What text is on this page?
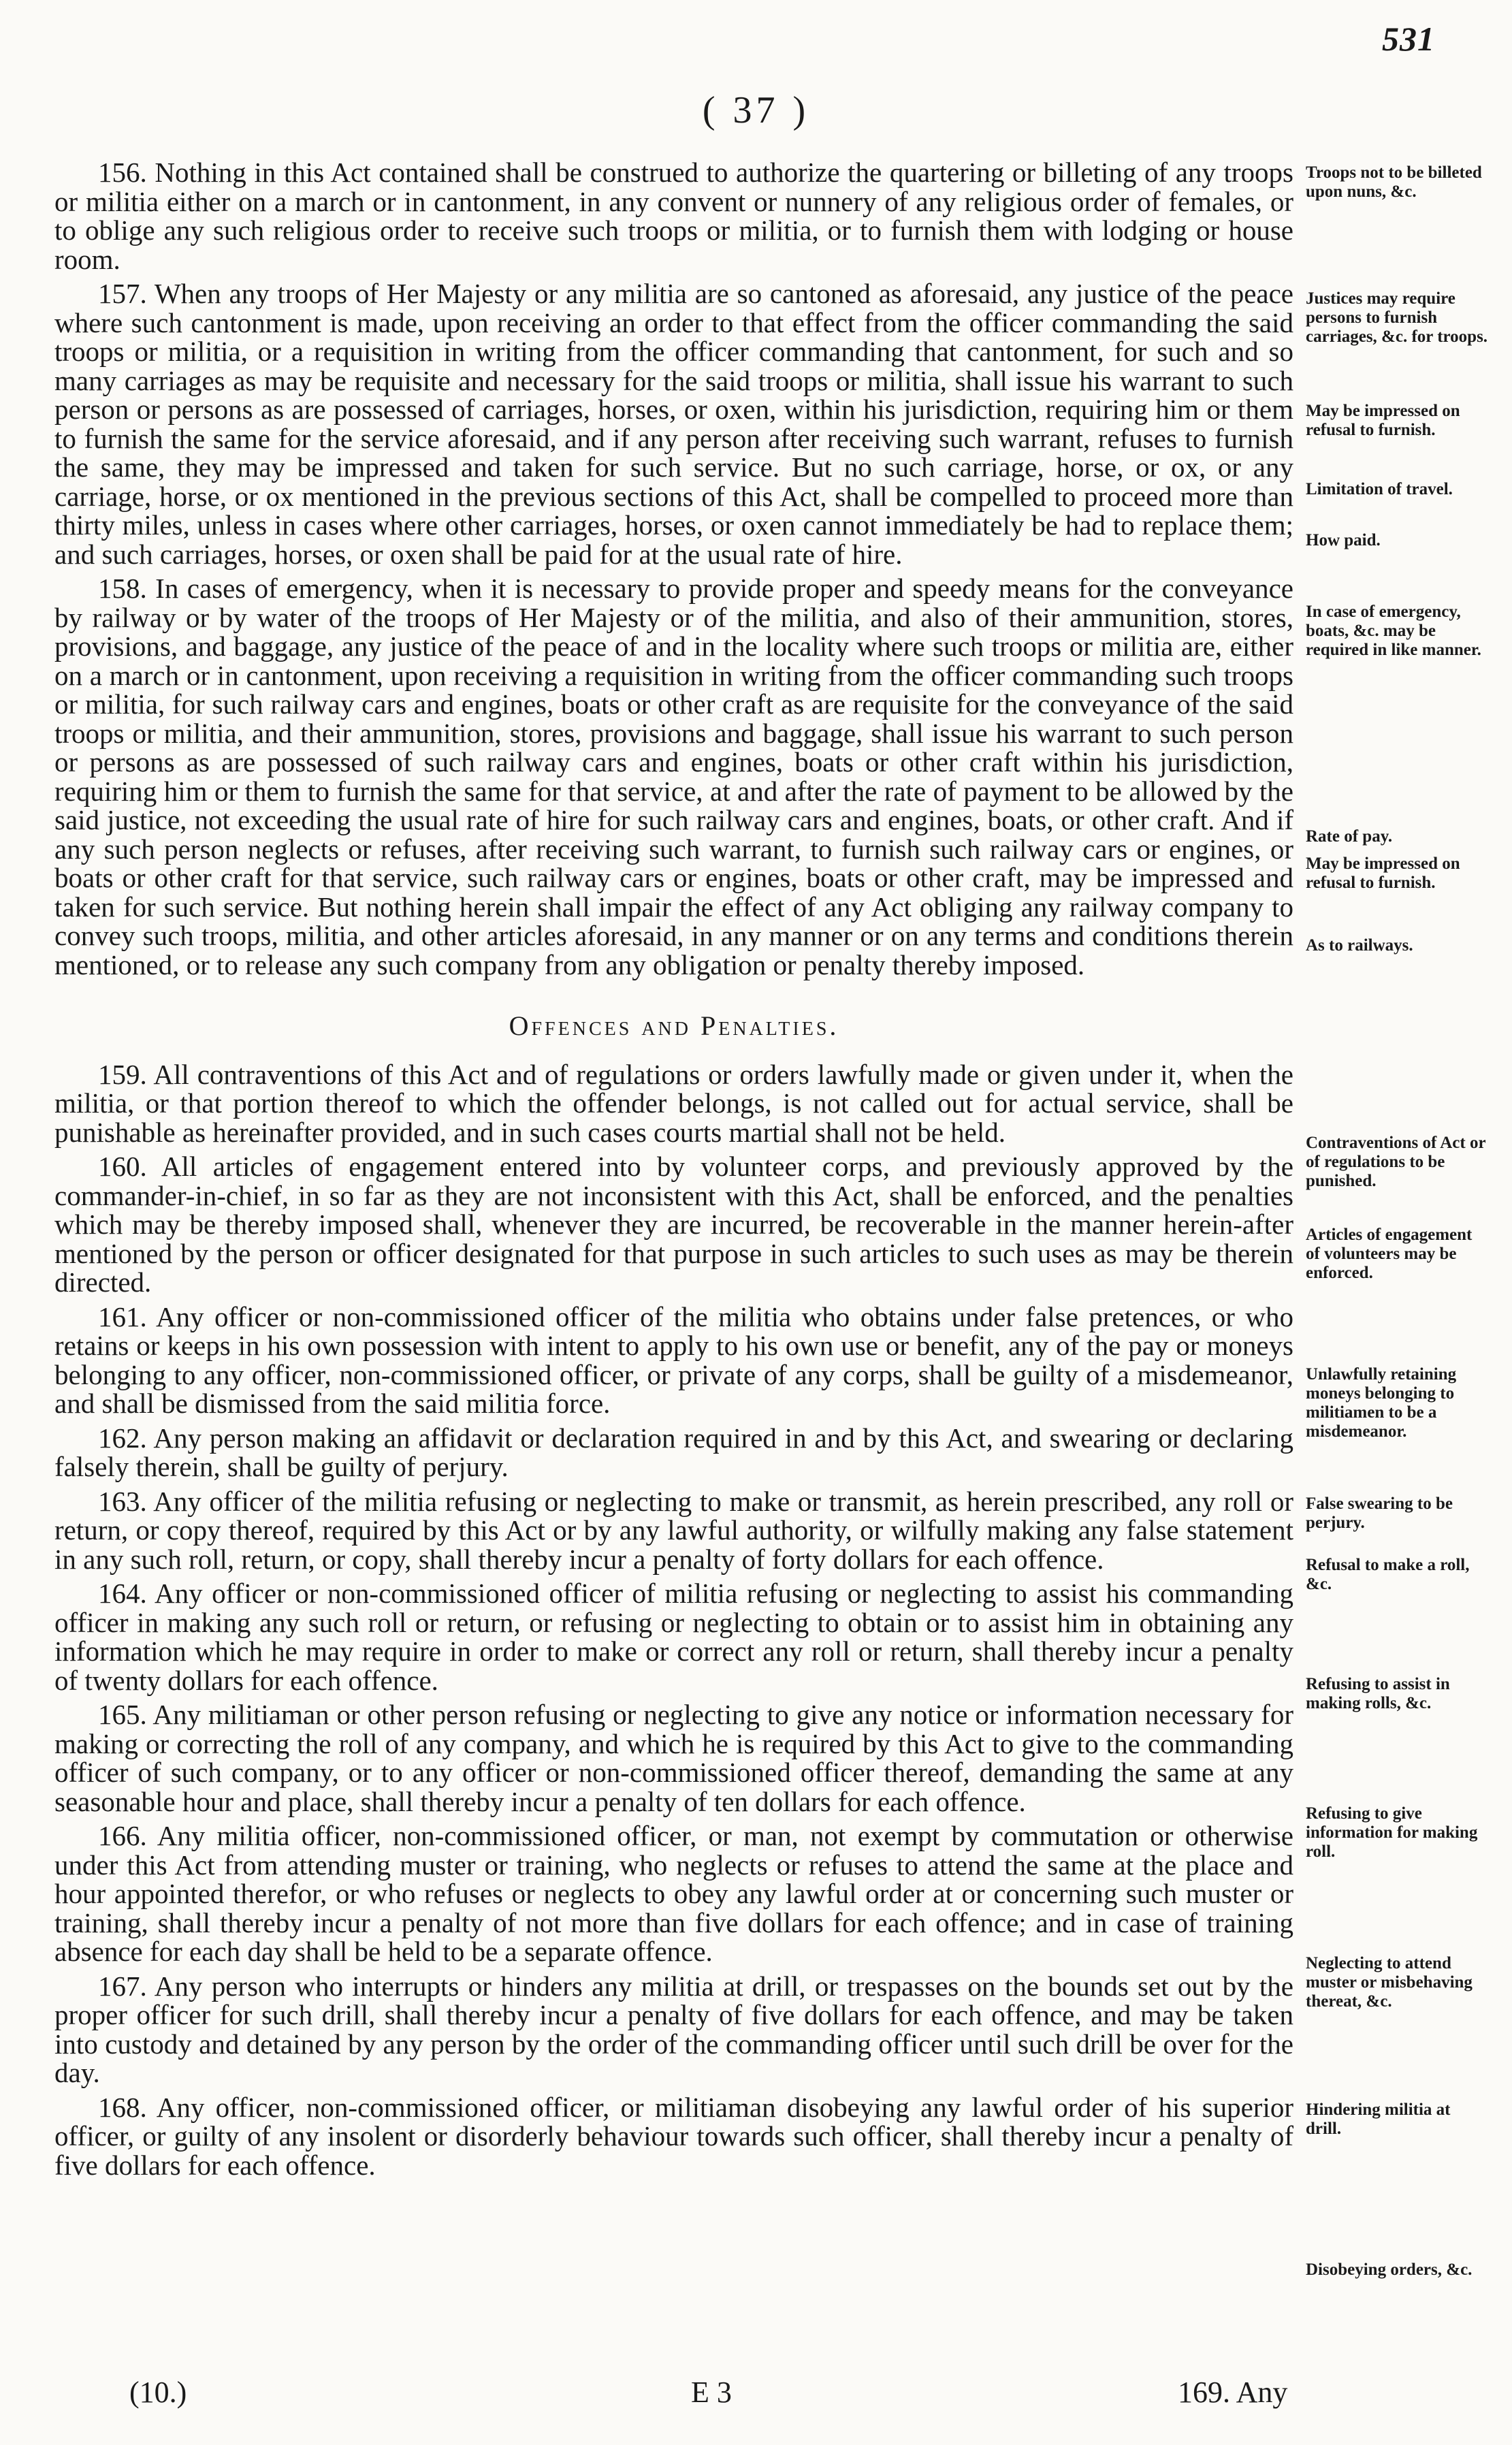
531
( 37 )

156. Nothing in this Act contained shall be construed to authorize the quartering or billeting of any troops or militia either on a march or in cantonment, in any convent or nunnery of any religious order of females, or to oblige any such religious order to receive such troops or militia, or to furnish them with lodging or house room.

157. When any troops of Her Majesty or any militia are so cantoned as aforesaid, any justice of the peace where such cantonment is made, upon receiving an order to that effect from the officer commanding the said troops or militia, or a requisition in writing from the officer commanding that cantonment, for such and so many carriages as may be requisite and necessary for the said troops or militia, shall issue his warrant to such person or persons as are possessed of carriages, horses, or oxen, within his jurisdiction, requiring him or them to furnish the same for the service aforesaid, and if any person after receiving such warrant, refuses to furnish the same, they may be impressed and taken for such service. But no such carriage, horse, or ox, or any carriage, horse, or ox mentioned in the previous sections of this Act, shall be compelled to proceed more than thirty miles, unless in cases where other carriages, horses, or oxen cannot immediately be had to replace them; and such carriages, horses, or oxen shall be paid for at the usual rate of hire.

158. In cases of emergency, when it is necessary to provide proper and speedy means for the conveyance by railway or by water of the troops of Her Majesty or of the militia, and also of their ammunition, stores, provisions, and baggage, any justice of the peace of and in the locality where such troops or militia are, either on a march or in cantonment, upon receiving a requisition in writing from the officer commanding such troops or militia, for such railway cars and engines, boats or other craft as are requisite for the conveyance of the said troops or militia, and their ammunition, stores, provisions and baggage, shall issue his warrant to such person or persons as are possessed of such railway cars and engines, boats or other craft within his jurisdiction, requiring him or them to furnish the same for that service, at and after the rate of payment to be allowed by the said justice, not exceeding the usual rate of hire for such railway cars and engines, boats, or other craft. And if any such person neglects or refuses, after receiving such warrant, to furnish such railway cars or engines, or boats or other craft for that service, such railway cars or engines, boats or other craft, may be impressed and taken for such service. But nothing herein shall impair the effect of any Act obliging any railway company to convey such troops, militia, and other articles aforesaid, in any manner or on any terms and conditions therein mentioned, or to release any such company from any obligation or penalty thereby imposed.

Offences and Penalties.

159. All contraventions of this Act and of regulations or orders lawfully made or given under it, when the militia, or that portion thereof to which the offender belongs, is not called out for actual service, shall be punishable as hereinafter provided, and in such cases courts martial shall not be held.

160. All articles of engagement entered into by volunteer corps, and previously approved by the commander-in-chief, in so far as they are not inconsistent with this Act, shall be enforced, and the penalties which may be thereby imposed shall, whenever they are incurred, be recoverable in the manner herein-after mentioned by the person or officer designated for that purpose in such articles to such uses as may be therein directed.

161. Any officer or non-commissioned officer of the militia who obtains under false pretences, or who retains or keeps in his own possession with intent to apply to his own use or benefit, any of the pay or moneys belonging to any officer, non-commissioned officer, or private of any corps, shall be guilty of a misdemeanor, and shall be dismissed from the said militia force.

162. Any person making an affidavit or declaration required in and by this Act, and swearing or declaring falsely therein, shall be guilty of perjury.

163. Any officer of the militia refusing or neglecting to make or transmit, as herein prescribed, any roll or return, or copy thereof, required by this Act or by any lawful authority, or wilfully making any false statement in any such roll, return, or copy, shall thereby incur a penalty of forty dollars for each offence.

164. Any officer or non-commissioned officer of militia refusing or neglecting to assist his commanding officer in making any such roll or return, or refusing or neglecting to obtain or to assist him in obtaining any information which he may require in order to make or correct any roll or return, shall thereby incur a penalty of twenty dollars for each offence.

165. Any militiaman or other person refusing or neglecting to give any notice or information necessary for making or correcting the roll of any company, and which he is required by this Act to give to the commanding officer of such company, or to any officer or non-commissioned officer thereof, demanding the same at any seasonable hour and place, shall thereby incur a penalty of ten dollars for each offence.

166. Any militia officer, non-commissioned officer, or man, not exempt by commutation or otherwise under this Act from attending muster or training, who neglects or refuses to attend the same at the place and hour appointed therefor, or who refuses or neglects to obey any lawful order at or concerning such muster or training, shall thereby incur a penalty of not more than five dollars for each offence; and in case of training absence for each day shall be held to be a separate offence.

167. Any person who interrupts or hinders any militia at drill, or trespasses on the bounds set out by the proper officer for such drill, shall thereby incur a penalty of five dollars for each offence, and may be taken into custody and detained by any person by the order of the commanding officer until such drill be over for the day.

168. Any officer, non-commissioned officer, or militiaman disobeying any lawful order of his superior officer, or guilty of any insolent or disorderly behaviour towards such officer, shall thereby incur a penalty of five dollars for each offence.

Troops not to be billeted upon nuns, &c.
Justices may require persons to furnish carriages, &c. for troops.
May be impressed on refusal to furnish.
Limitation of travel.
How paid.
In case of emergency, boats, &c. may be required in like manner.
Rate of pay.
May be impressed on refusal to furnish.
As to railways.
Contraventions of Act or of regulations to be punished.
Articles of engagement of volunteers may be enforced.
Unlawfully retaining moneys belonging to militiamen to be a misdemeanor.
False swearing to be perjury.
Refusal to make a roll, &c.
Refusing to assist in making rolls, &c.
Refusing to give information for making roll.
Neglecting to attend muster or misbehaving thereat, &c.
Hindering militia at drill.
Disobeying orders, &c.
(10.)	E 3	169. Any
